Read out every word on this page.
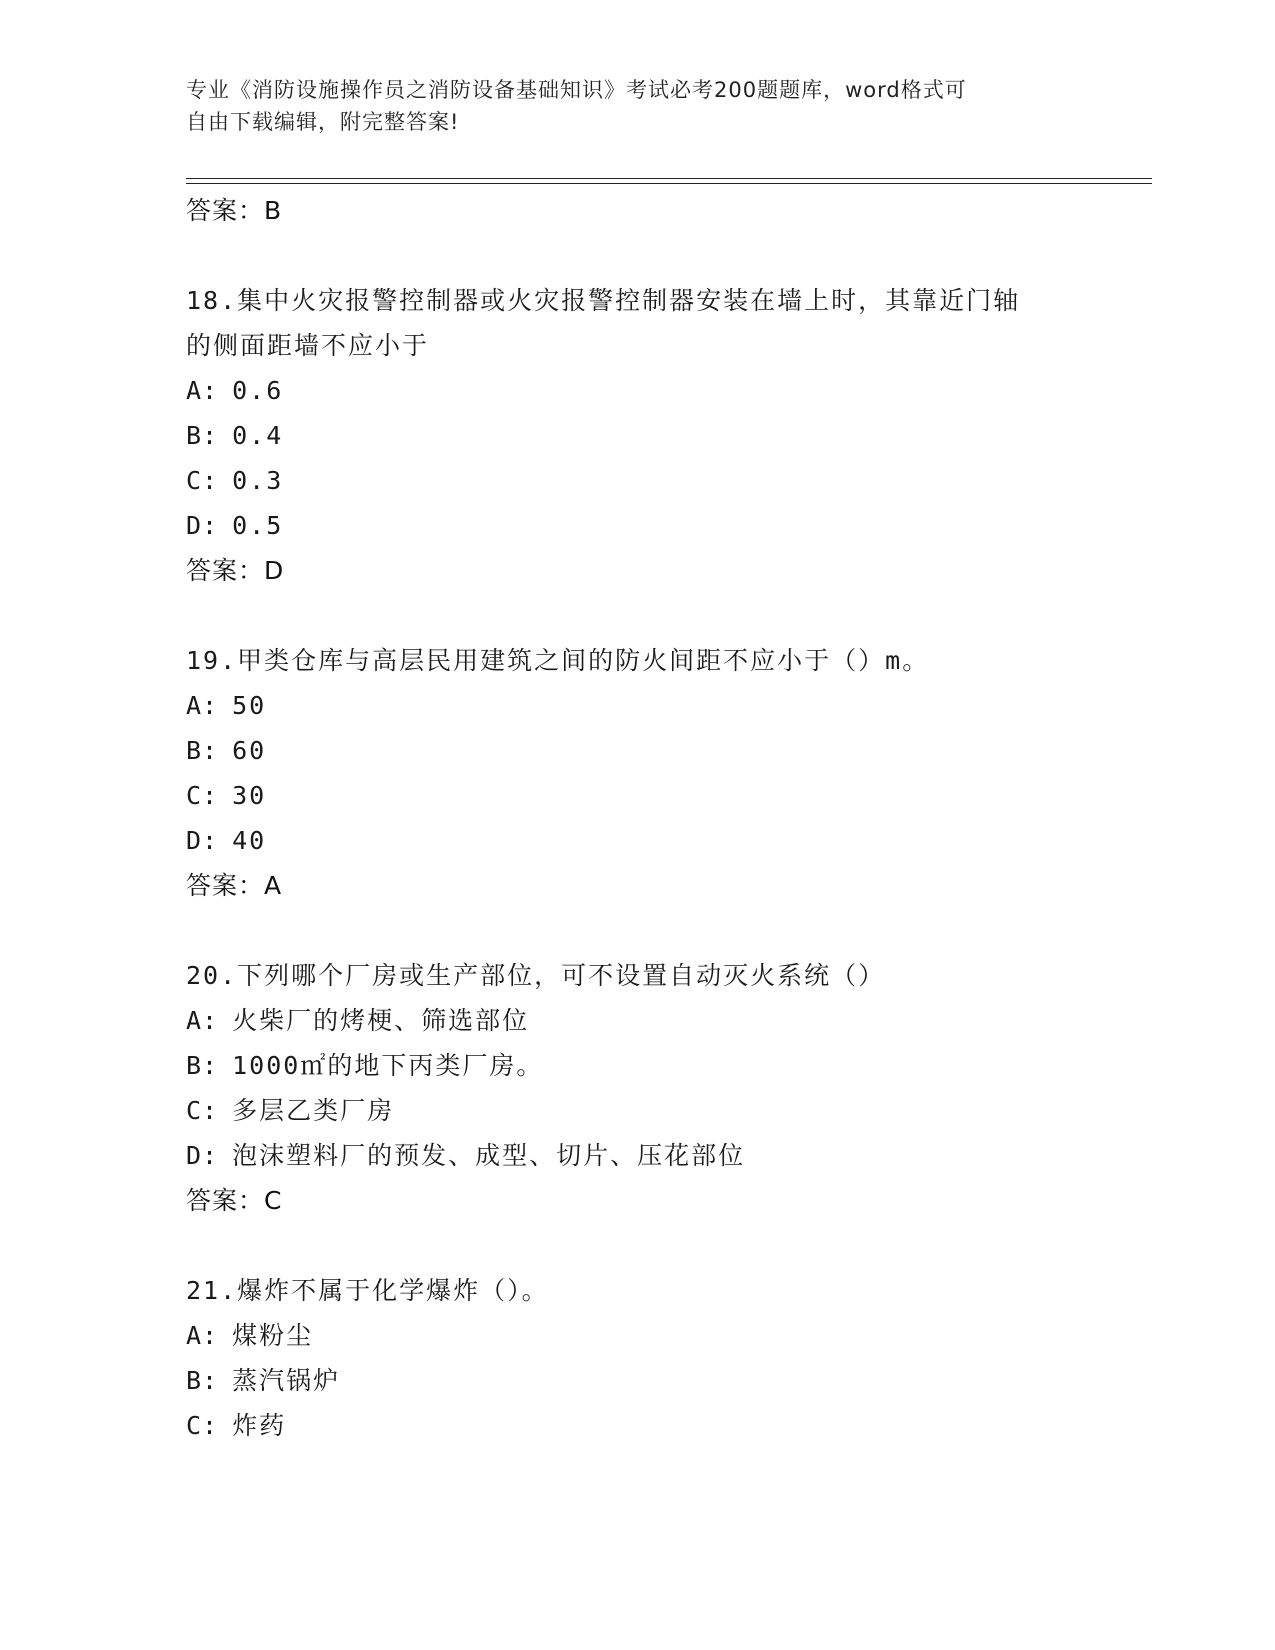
专业《消防设施操作员之消防设备基础知识》考试必考200题题库，word格式可
自由下载编辑，附完整答案!
答案：B
18.集中火灾报警控制器或火灾报警控制器安装在墙上时，其靠近门轴
的侧面距墙不应小于
A: 0.6
B: 0.4
C: 0.3
D: 0.5
答案：D
19.甲类仓库与高层民用建筑之间的防火间距不应小于（）m。
A: 50
B: 60
C: 30
D: 40
答案：A
20.下列哪个厂房或生产部位，可不设置自动灭火系统（）
A: 火柴厂的烤梗、筛选部位
B: 1000㎡的地下丙类厂房。
C: 多层乙类厂房
D: 泡沫塑料厂的预发、成型、切片、压花部位
答案：C
21.爆炸不属于化学爆炸（）。
A: 煤粉尘
B: 蒸汽锅炉
C: 炸药
